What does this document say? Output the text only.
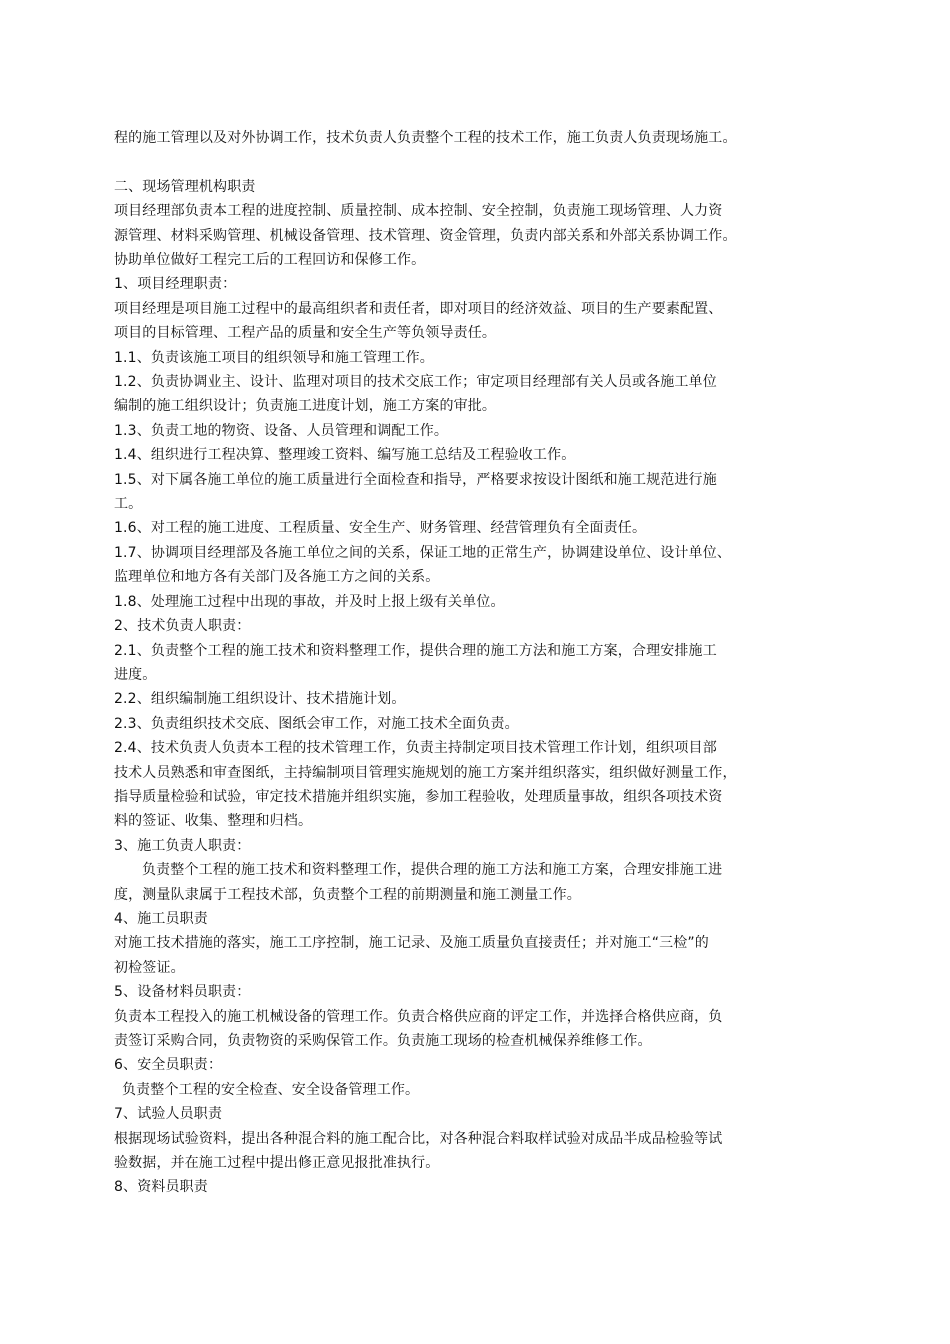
程的施工管理以及对外协调工作，技术负责人负责整个工程的技术工作，施工负责人负责现场施工。

二、现场管理机构职责

项目经理部负责本工程的进度控制、质量控制、成本控制、安全控制，负责施工现场管理、人力资

源管理、材料采购管理、机械设备管理、技术管理、资金管理，负责内部关系和外部关系协调工作。

协助单位做好工程完工后的工程回访和保修工作。

1、项目经理职责：

项目经理是项目施工过程中的最高组织者和责任者，即对项目的经济效益、项目的生产要素配置、

项目的目标管理、工程产品的质量和安全生产等负领导责任。

1.1、负责该施工项目的组织领导和施工管理工作。

1.2、负责协调业主、设计、监理对项目的技术交底工作；审定项目经理部有关人员或各施工单位

编制的施工组织设计；负责施工进度计划，施工方案的审批。

1.3、负责工地的物资、设备、人员管理和调配工作。

1.4、组织进行工程决算、整理竣工资料、编写施工总结及工程验收工作。

1.5、对下属各施工单位的施工质量进行全面检查和指导，严格要求按设计图纸和施工规范进行施

工。

1.6、对工程的施工进度、工程质量、安全生产、财务管理、经营管理负有全面责任。

1.7、协调项目经理部及各施工单位之间的关系，保证工地的正常生产，协调建设单位、设计单位、

监理单位和地方各有关部门及各施工方之间的关系。

1.8、处理施工过程中出现的事故，并及时上报上级有关单位。

2、技术负责人职责：

2.1、负责整个工程的施工技术和资料整理工作，提供合理的施工方法和施工方案，合理安排施工

进度。

2.2、组织编制施工组织设计、技术措施计划。

2.3、负责组织技术交底、图纸会审工作，对施工技术全面负责。

2.4、技术负责人负责本工程的技术管理工作，负责主持制定项目技术管理工作计划，组织项目部

技术人员熟悉和审查图纸，主持编制项目管理实施规划的施工方案并组织落实，组织做好测量工作，

指导质量检验和试验，审定技术措施并组织实施，参加工程验收，处理质量事故，组织各项技术资

料的签证、收集、整理和归档。

3、施工负责人职责：

负责整个工程的施工技术和资料整理工作，提供合理的施工方法和施工方案，合理安排施工进

度，测量队隶属于工程技术部，负责整个工程的前期测量和施工测量工作。

4、施工员职责

对施工技术措施的落实，施工工序控制，施工记录、及施工质量负直接责任；并对施工“三检”的

初检签证。

5、设备材料员职责：

负责本工程投入的施工机械设备的管理工作。负责合格供应商的评定工作，并选择合格供应商，负

责签订采购合同，负责物资的采购保管工作。负责施工现场的检查机械保养维修工作。

6、安全员职责：

负责整个工程的安全检查、安全设备管理工作。

7、试验人员职责

根据现场试验资料，提出各种混合料的施工配合比，对各种混合料取样试验对成品半成品检验等试

验数据，并在施工过程中提出修正意见报批准执行。

8、资料员职责
